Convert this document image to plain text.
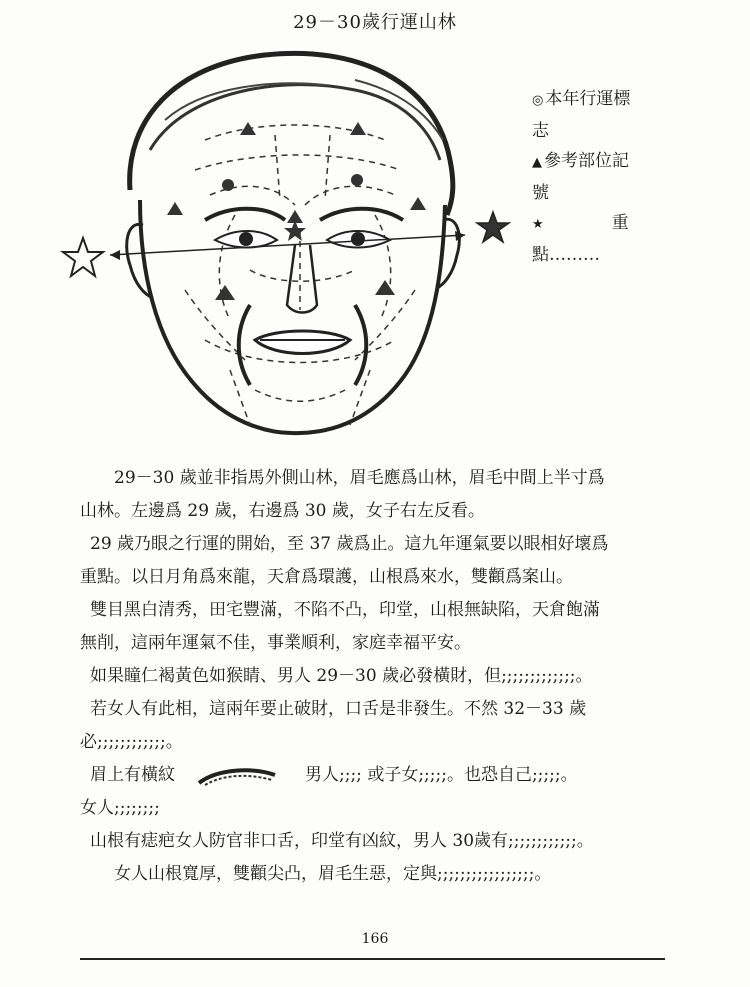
29－30歲行運山林
◎ 本年行運標
志
▲ 參考部位記
號
★	重
點………

29－30 歲並非指馬外側山林，眉毛應爲山林，眉毛中間上半寸爲

山林。左邊爲 29 歲，右邊爲 30 歲，女子右左反看。

29 歲乃眼之行運的開始，至 37 歲爲止。這九年運氣要以眼相好壞爲

重點。以日月角爲來龍，天倉爲環護，山根爲來水，雙顴爲案山。

雙目黑白清秀，田宅豐滿，不陷不凸，印堂，山根無缺陷，天倉飽滿

無削，這兩年運氣不佳，事業順利，家庭幸福平安。

如果瞳仁褐黃色如猴睛、男人 29－30 歲必發橫財，但;;;;;;;;;;;;;。

若女人有此相，這兩年要止破財，口舌是非發生。不然 32－33 歲

必;;;;;;;;;;;;。

眉上有橫紋	男人;;;; 或子女;;;;;。也恐自己;;;;;。

女人;;;;;;;;

山根有痣疤女人防官非口舌，印堂有凶紋，男人 30歲有;;;;;;;;;;;;。

女人山根寬厚，雙顴尖凸，眉毛生惡，定與;;;;;;;;;;;;;;;;;。

166
